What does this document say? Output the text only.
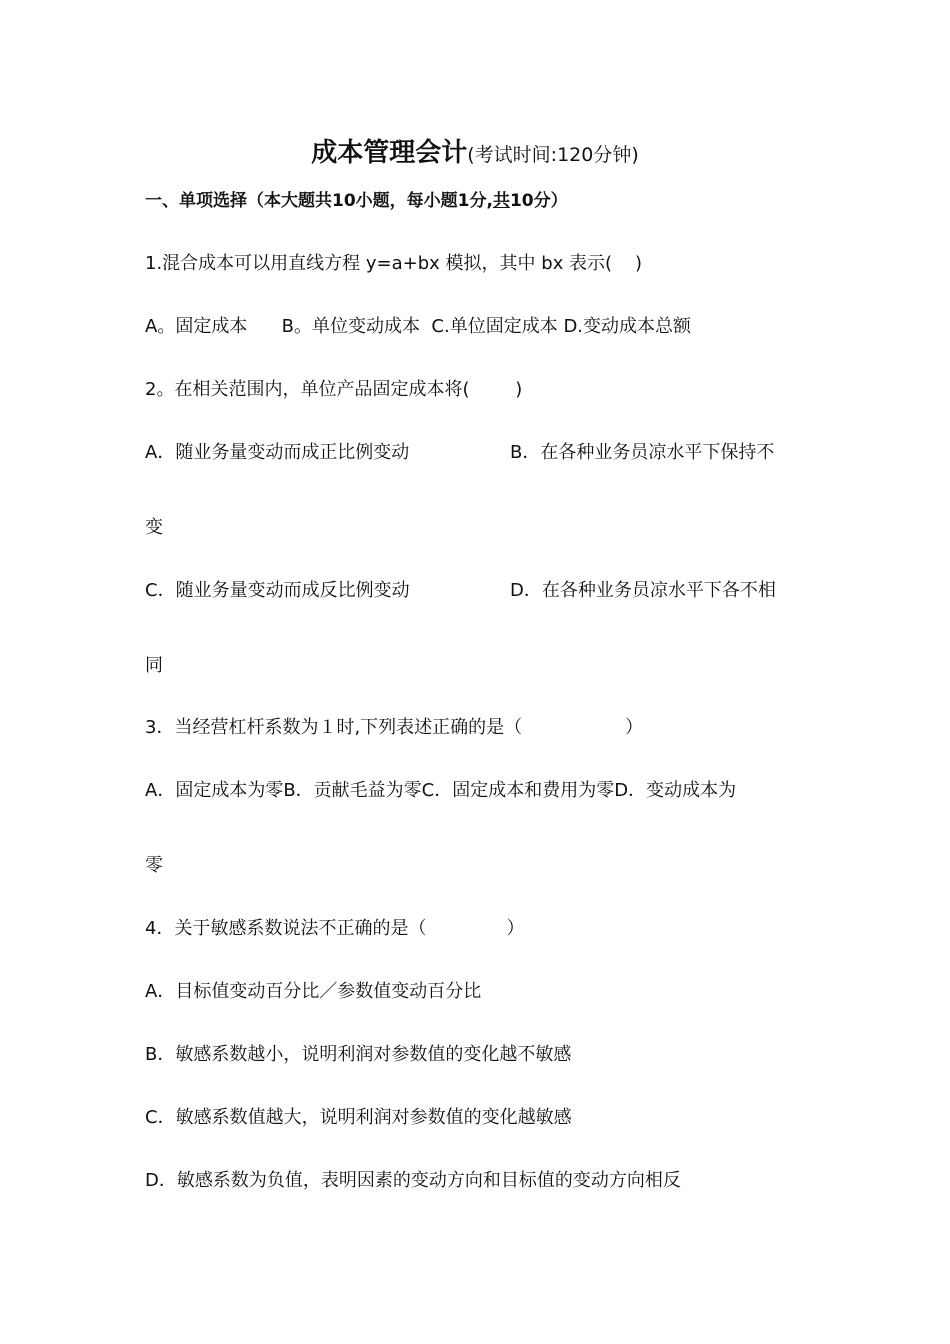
成本管理会计(考试时间:120分钟)
一、单项选择（本大题共10小题，每小题1分,共10分）
1.混合成本可以用直线方程 y=a+bx 模拟，其中 bx 表示(    )
A。固定成本      B。单位变动成本  C.单位固定成本 D.变动成本总额
2。在相关范围内，单位产品固定成本将(        )
A．随业务量变动而成正比例变动	B．在各种业务员凉水平下保持不
变
C．随业务量变动而成反比例变动	D．在各种业务员凉水平下各不相
同
3．当经营杠杆系数为１时,下列表述正确的是（                  ）
A．固定成本为零B．贡献毛益为零C．固定成本和费用为零D．变动成本为
零
4．关于敏感系数说法不正确的是（              ）
A．目标值变动百分比／参数值变动百分比
B．敏感系数越小，说明利润对参数值的变化越不敏感
C．敏感系数值越大，说明利润对参数值的变化越敏感
D．敏感系数为负值，表明因素的变动方向和目标值的变动方向相反
